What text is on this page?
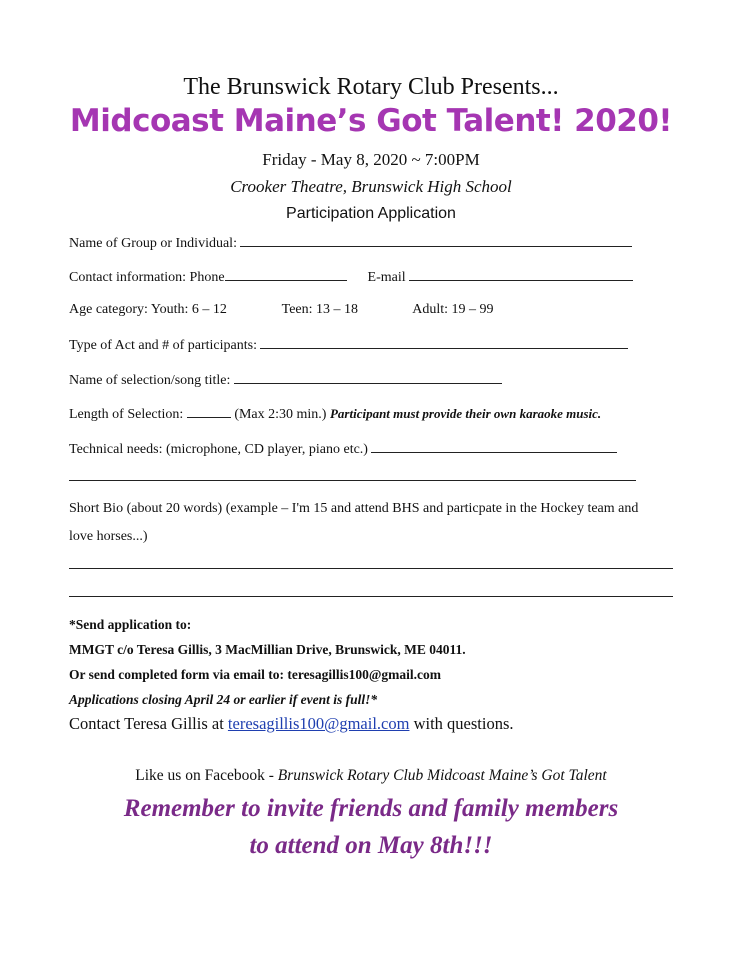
The Brunswick Rotary Club Presents...
Midcoast Maine’s Got Talent! 2020!
Friday - May 8, 2020 ~ 7:00PM
Crooker Theatre, Brunswick High School
Participation Application
Name of Group or Individual:
Contact information: Phone	E-mail
Age category: Youth: 6 – 12	Teen: 13 – 18	Adult: 19 – 99
Type of Act and # of participants:
Name of selection/song title:
Length of Selection:	(Max 2:30 min.) Participant must provide their own karaoke music.
Technical needs: (microphone, CD player, piano etc.)
Short Bio (about 20 words) (example – I'm 15 and attend BHS and particpate in the Hockey team and
love horses...)
*Send application to:
MMGT c/o Teresa Gillis, 3 MacMillian Drive, Brunswick, ME 04011.
Or send completed form via email to: teresagillis100@gmail.com
Applications closing April 24 or earlier if event is full!*
Contact Teresa Gillis at teresagillis100@gmail.com with questions.
Like us on Facebook - Brunswick Rotary Club Midcoast Maine’s Got Talent
Remember to invite friends and family members
to attend on May 8th!!!
